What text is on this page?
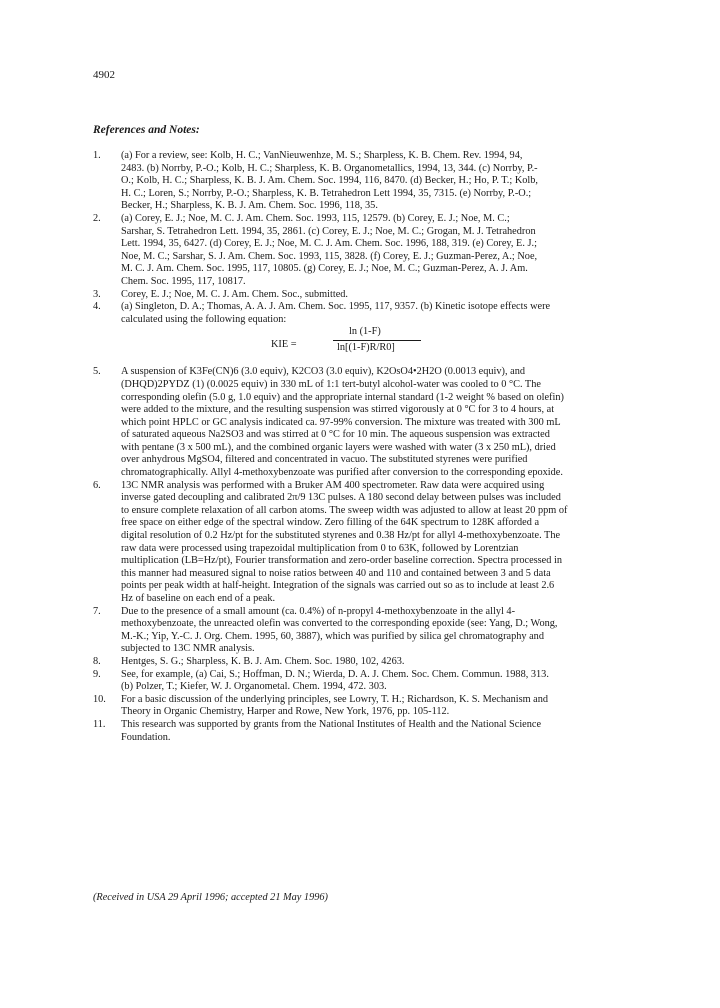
4902
References and Notes:
1.	(a) For a review, see: Kolb, H. C.; VanNieuwenhze, M. S.; Sharpless, K. B. Chem. Rev. 1994, 94,
2483. (b) Norrby, P.-O.; Kolb, H. C.; Sharpless, K. B. Organometallics, 1994, 13, 344. (c) Norrby, P.-
O.; Kolb, H. C.; Sharpless, K. B. J. Am. Chem. Soc. 1994, 116, 8470. (d) Becker, H.; Ho, P. T.; Kolb,
H. C.; Loren, S.; Norrby, P.-O.; Sharpless, K. B. Tetrahedron Lett 1994, 35, 7315. (e) Norrby, P.-O.;
Becker, H.; Sharpless, K. B. J. Am. Chem. Soc. 1996, 118, 35.
2.	(a) Corey, E. J.; Noe, M. C. J. Am. Chem. Soc. 1993, 115, 12579. (b) Corey, E. J.; Noe, M. C.;
Sarshar, S. Tetrahedron Lett. 1994, 35, 2861. (c) Corey, E. J.; Noe, M. C.; Grogan, M. J. Tetrahedron
Lett. 1994, 35, 6427. (d) Corey, E. J.; Noe, M. C. J. Am. Chem. Soc. 1996, 188, 319. (e) Corey, E. J.;
Noe, M. C.; Sarshar, S. J. Am. Chem. Soc. 1993, 115, 3828. (f) Corey, E. J.; Guzman-Perez, A.; Noe,
M. C. J. Am. Chem. Soc. 1995, 117, 10805. (g) Corey, E. J.; Noe, M. C.; Guzman-Perez, A. J. Am.
Chem. Soc. 1995, 117, 10817.
3.	Corey, E. J.; Noe, M. C. J. Am. Chem. Soc., submitted.
4.	(a) Singleton, D. A.; Thomas, A. A. J. Am. Chem. Soc. 1995, 117, 9357. (b) Kinetic isotope effects were
calculated using the following equation:
KIE =
ln (1-F)
ln[(1-F)R/R0]
5.	A suspension of K3Fe(CN)6 (3.0 equiv), K2CO3 (3.0 equiv), K2OsO4•2H2O (0.0013 equiv), and
(DHQD)2PYDZ (1) (0.0025 equiv) in 330 mL of 1:1 tert-butyl alcohol-water was cooled to 0 °C. The
corresponding olefin (5.0 g, 1.0 equiv) and the appropriate internal standard (1-2 weight % based on olefin)
were added to the mixture, and the resulting suspension was stirred vigorously at 0 °C for 3 to 4 hours, at
which point HPLC or GC analysis indicated ca. 97-99% conversion. The mixture was treated with 300 mL
of saturated aqueous Na2SO3 and was stirred at 0 °C for 10 min. The aqueous suspension was extracted
with pentane (3 x 500 mL), and the combined organic layers were washed with water (3 x 250 mL), dried
over anhydrous MgSO4, filtered and concentrated in vacuo. The substituted styrenes were purified
chromatographically. Allyl 4-methoxybenzoate was purified after conversion to the corresponding epoxide.
6.	13C NMR analysis was performed with a Bruker AM 400 spectrometer. Raw data were acquired using
inverse gated decoupling and calibrated 2π/9 13C pulses. A 180 second delay between pulses was included
to ensure complete relaxation of all carbon atoms. The sweep width was adjusted to allow at least 20 ppm of
free space on either edge of the spectral window. Zero filling of the 64K spectrum to 128K afforded a
digital resolution of 0.2 Hz/pt for the substituted styrenes and 0.38 Hz/pt for allyl 4-methoxybenzoate. The
raw data were processed using trapezoidal multiplication from 0 to 63K, followed by Lorentzian
multiplication (LB=Hz/pt), Fourier transformation and zero-order baseline correction. Spectra processed in
this manner had measured signal to noise ratios between 40 and 110 and contained between 3 and 5 data
points per peak width at half-height. Integration of the signals was carried out so as to include at least 2.6
Hz of baseline on each end of a peak.
7.	Due to the presence of a small amount (ca. 0.4%) of n-propyl 4-methoxybenzoate in the allyl 4-
methoxybenzoate, the unreacted olefin was converted to the corresponding epoxide (see: Yang, D.; Wong,
M.-K.; Yip, Y.-C. J. Org. Chem. 1995, 60, 3887), which was purified by silica gel chromatography and
subjected to 13C NMR analysis.
8.	Hentges, S. G.; Sharpless, K. B. J. Am. Chem. Soc. 1980, 102, 4263.
9.	See, for example, (a) Cai, S.; Hoffman, D. N.; Wierda, D. A. J. Chem. Soc. Chem. Commun. 1988, 313.
(b) Polzer, T.; Kiefer, W. J. Organometal. Chem. 1994, 472. 303.
10.	For a basic discussion of the underlying principles, see Lowry, T. H.; Richardson, K. S. Mechanism and
Theory in Organic Chemistry, Harper and Rowe, New York, 1976, pp. 105-112.
11.	This research was supported by grants from the National Institutes of Health and the National Science
Foundation.
(Received in USA 29 April 1996; accepted 21 May 1996)
